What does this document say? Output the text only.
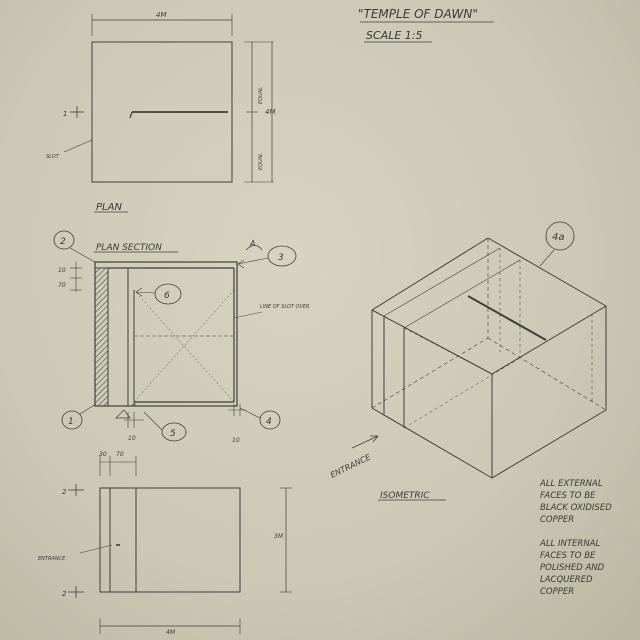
"TEMPLE OF DAWN"
SCALE 1:5
PLAN
4M
4M
SLOT
1
EQUAL
EQUAL
PLAN SECTION
LINE OF SLOT OVER
10
70
10	10
A
A
2
3
6
1
5
4
30 70
3M
4M
ENTRANCE
2
2
ISOMETRIC
ENTRANCE
4a
ALL EXTERNAL FACES TO BE BLACK OXIDISED COPPER
ALL INTERNAL FACES TO BE POLISHED AND LACQUERED COPPER
